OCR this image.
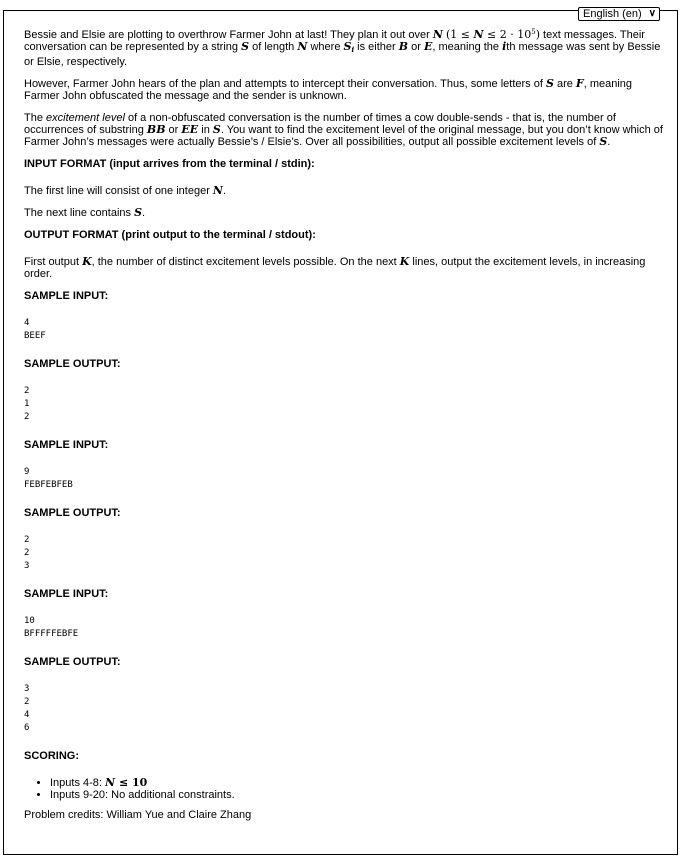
English (en) ∨

Bessie and Elsie are plotting to overthrow Farmer John at last! They plan it out over N $(1 \le N \le 2 \cdot 10^5)$ text messages. Their conversation can be represented by a string S of length N where $S_i$ is either B or E, meaning the ith message was sent by Bessie or Elsie, respectively.

However, Farmer John hears of the plan and attempts to intercept their conversation. Thus, some letters of S are F, meaning Farmer John obfuscated the message and the sender is unknown.

The excitement level of a non-obfuscated conversation is the number of times a cow double-sends - that is, the number of occurrences of substring BB or EE in S. You want to find the excitement level of the original message, but you don’t know which of Farmer John’s messages were actually Bessie’s / Elsie’s. Over all possibilities, output all possible excitement levels of S.

INPUT FORMAT (input arrives from the terminal / stdin):

The first line will consist of one integer N.

The next line contains S.

OUTPUT FORMAT (print output to the terminal / stdout):

First output K, the number of distinct excitement levels possible. On the next K lines, output the excitement levels, in increasing order.

SAMPLE INPUT:
4
BEEF
SAMPLE OUTPUT:
2
1
2
SAMPLE INPUT:
9
FEBFEBFEB
SAMPLE OUTPUT:
2
2
3
SAMPLE INPUT:
10
BFFFFFEBFE
SAMPLE OUTPUT:
3
2
4
6
SCORING:
• Inputs 4-8: N ≤ 10
• Inputs 9-20: No additional constraints.

Problem credits: William Yue and Claire Zhang
